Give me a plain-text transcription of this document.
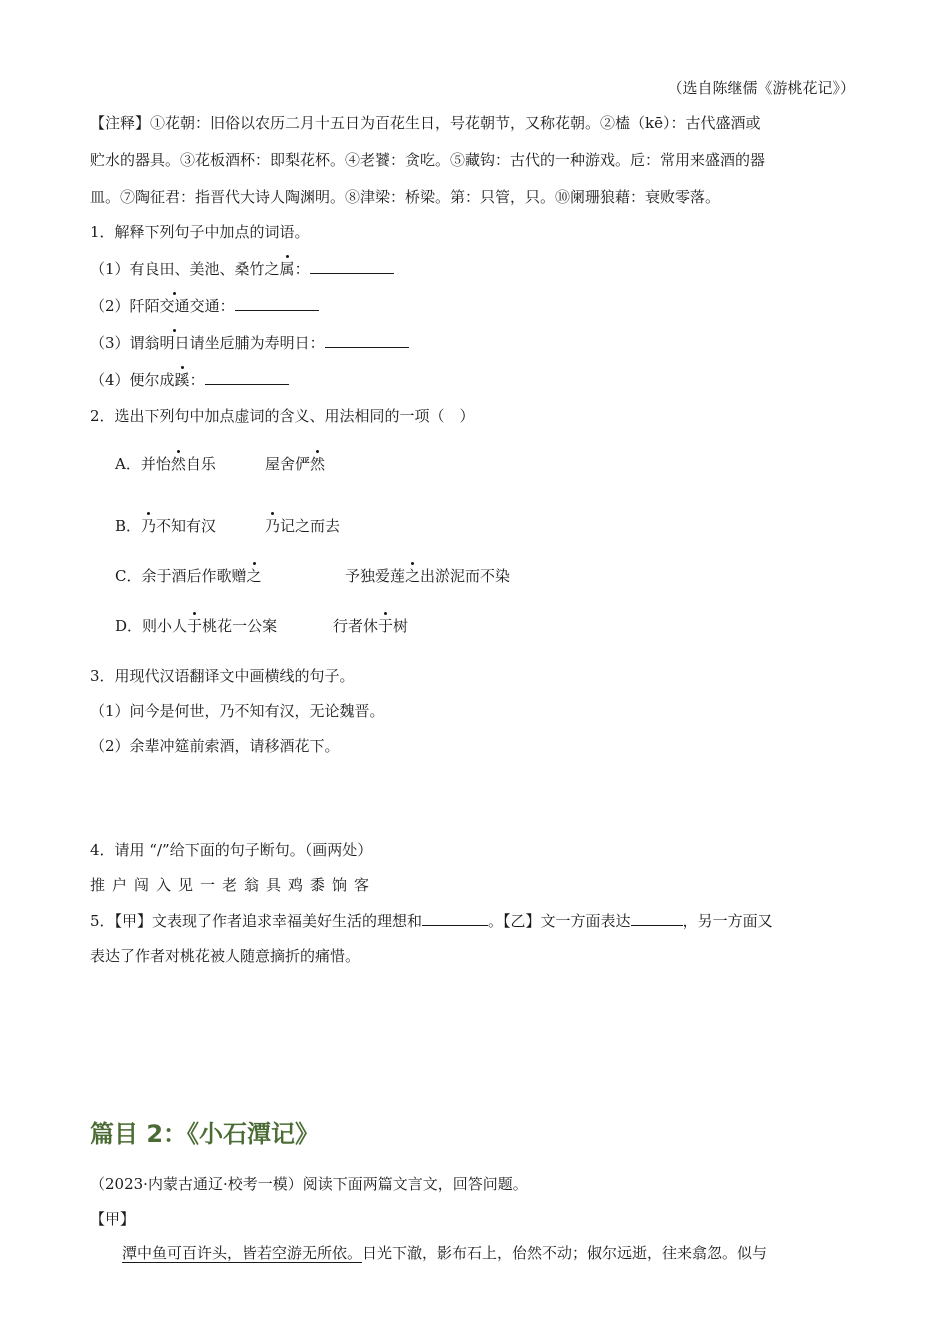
（选自陈继儒《游桃花记》）
【注释】①花朝：旧俗以农历二月十五日为百花生日，号花朝节，又称花朝。②榼（kē）：古代盛酒或
贮水的器具。③花板酒杯：即梨花杯。④老饕：贪吃。⑤藏钩：古代的一种游戏。卮：常用来盛酒的器
皿。⑦陶征君：指晋代大诗人陶渊明。⑧津梁：桥梁。第：只管，只。⑩阑珊狼藉：衰败零落。
1．解释下列句子中加点的词语。
（1）有良田、美池、桑竹之属：
（2）阡陌交通交通：
（3）谓翁明日请坐卮脯为寿明日：
（4）便尔成蹊：
2．选出下列句中加点虚词的含义、用法相同的一项（　）
A．并怡然自乐	屋舍俨然
B．乃不知有汉	乃记之而去
C．余于酒后作歌赠之	予独爱莲之出淤泥而不染
D．则小人于桃花一公案	行者休于树
3．用现代汉语翻译文中画横线的句子。
（1）问今是何世，乃不知有汉，无论魏晋。
（2）余辈冲筵前索酒，请移酒花下。
4．请用 “/”给下面的句子断句。（画两处）
推户闯入见一老翁具鸡黍饷客
5．【甲】文表现了作者追求幸福美好生活的理想和	。【乙】文一方面表达	，另一方面又
表达了作者对桃花被人随意摘折的痛惜。
篇目 2：《小石潭记》
（2023·内蒙古通辽·校考一模）阅读下面两篇文言文，回答问题。
【甲】
潭中鱼可百许头，皆若空游无所依。日光下澈，影布石上，佁然不动；俶尔远逝，往来翕忽。似与
